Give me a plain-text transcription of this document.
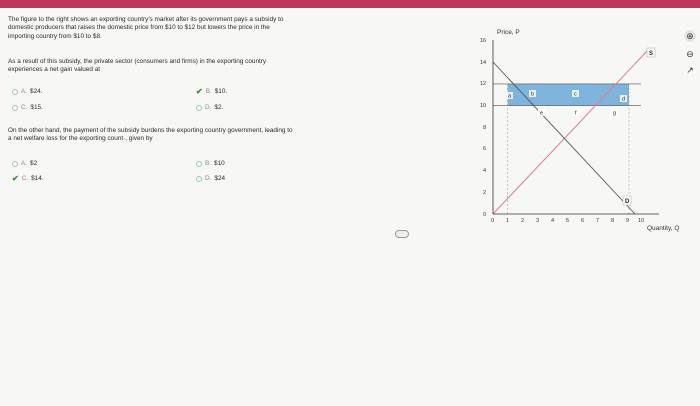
The figure to the right shows an exporting country's market after its government pays a subsidy to
domestic producers that raises the domestic price from $10 to $12 but lowers the price in the
importing country from $10 to $8.
As a result of this subsidy, the private sector (consumers and firms) in the exporting country
experiences a net gain valued at
A. $24.
C. $15.
✔ B. $10.
D. $2.
On the other hand, the payment of the subsidy burdens the exporting country government, leading to
a net welfare loss for the exporting count·, given by
A. $2
✔ C. $14.
B. $10
D. $24
Price, P
Quantity, Q
0
2
4
6
8
10
12
14
16
0 1 2 3 4 5 6 7 8 9 10
S
D
a	b	c
d
e	f	g
⊕
⊖
↗
